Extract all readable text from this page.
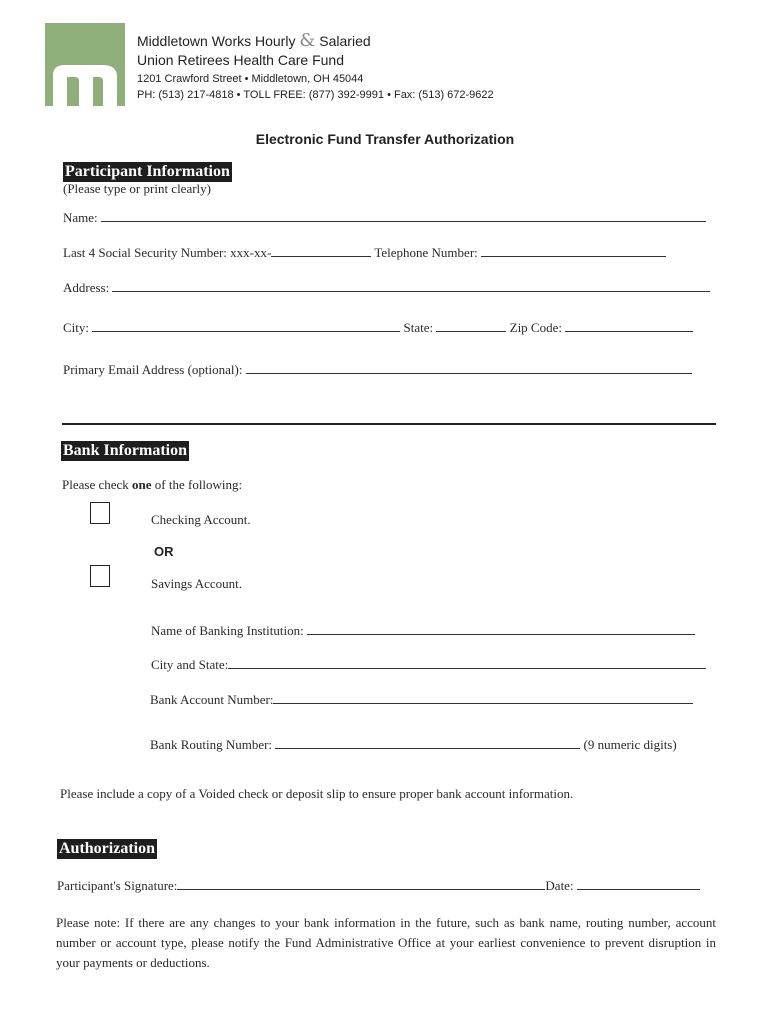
Middletown Works Hourly & Salaried
Union Retirees Health Care Fund
1201 Crawford Street • Middletown, OH 45044
PH: (513) 217-4818 • TOLL FREE: (877) 392-9991 • Fax: (513) 672-9622
Electronic Fund Transfer Authorization
Participant Information
(Please type or print clearly)
Name:
Last 4 Social Security Number: xxx-xx-	Telephone Number:
Address:
City:	State:	Zip Code:
Primary Email Address (optional):
Bank Information
Please check one of the following:
Checking Account.
OR
Savings Account.
Name of Banking Institution:
City and State:
Bank Account Number:
Bank Routing Number:	(9 numeric digits)
Please include a copy of a Voided check or deposit slip to ensure proper bank account information.
Authorization
Participant's Signature:	Date:
Please note: If there are any changes to your bank information in the future, such as bank name, routing number, account number or account type, please notify the Fund Administrative Office at your earliest convenience to prevent disruption in your payments or deductions.
